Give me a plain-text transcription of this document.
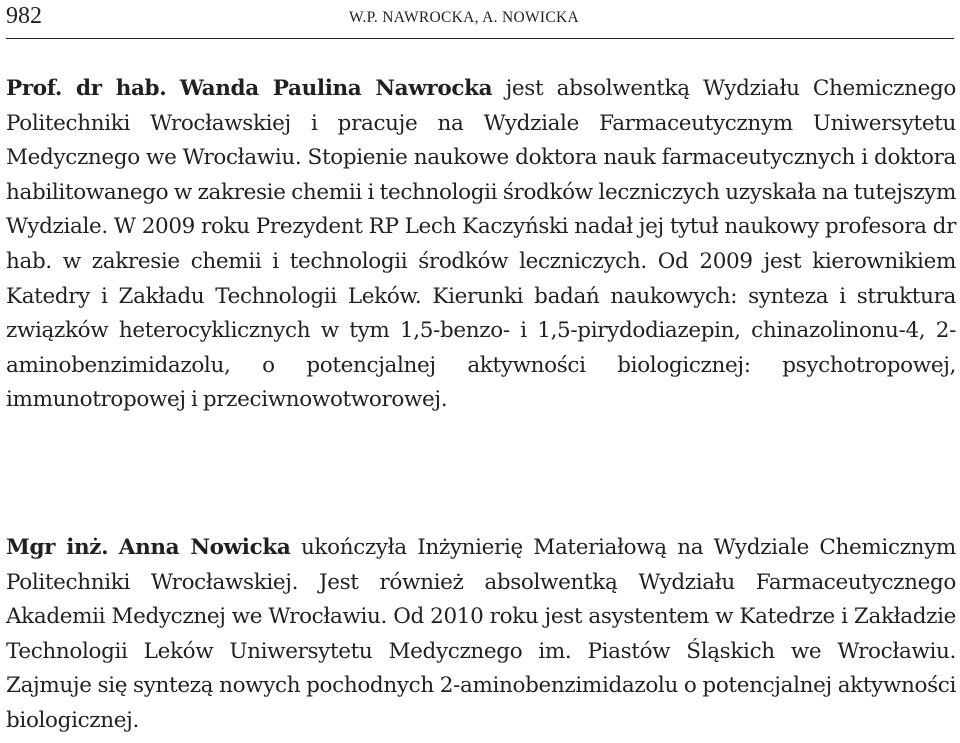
982	W.P. NAWROCKA, A. NOWICKA

Prof. dr hab. Wanda Paulina Nawrocka jest absolwentką Wydziału Chemicznego Politechniki Wrocławskiej i pracuje na Wydziale Farmaceutycznym Uniwersytetu Medycznego we Wrocławiu. Stopienie naukowe doktora nauk farmaceutycznych i doktora habilitowanego w zakresie chemii i technologii środków leczniczych uzyskała na tutejszym Wydziale. W 2009 roku Prezydent RP Lech Kaczyński nadał jej tytuł naukowy profesora dr hab. w zakresie chemii i technologii środków leczniczych. Od 2009 jest kierownikiem Katedry i Zakładu Technologii Leków. Kierunki badań naukowych: synteza i struktura związków heterocyklicznych w tym 1,5-benzo- i 1,5-pirydodiazepin, chinazolinonu-4, 2-aminobenzimidazolu, o potencjalnej aktywności biologicznej: psychotropowej, immunotropowej i przeciwnowotworowej.

Mgr inż. Anna Nowicka ukończyła Inżynierię Materiałową na Wydziale Chemicznym Politechniki Wrocławskiej. Jest również absolwentką Wydziału Farmaceutycznego Akademii Medycznej we Wrocławiu. Od 2010 roku jest asystentem w Katedrze i Zakładzie Technologii Leków Uniwersytetu Medycznego im. Piastów Śląskich we Wrocławiu. Zajmuje się syntezą nowych pochodnych 2-aminobenzimidazolu o potencjalnej aktywności biologicznej.
